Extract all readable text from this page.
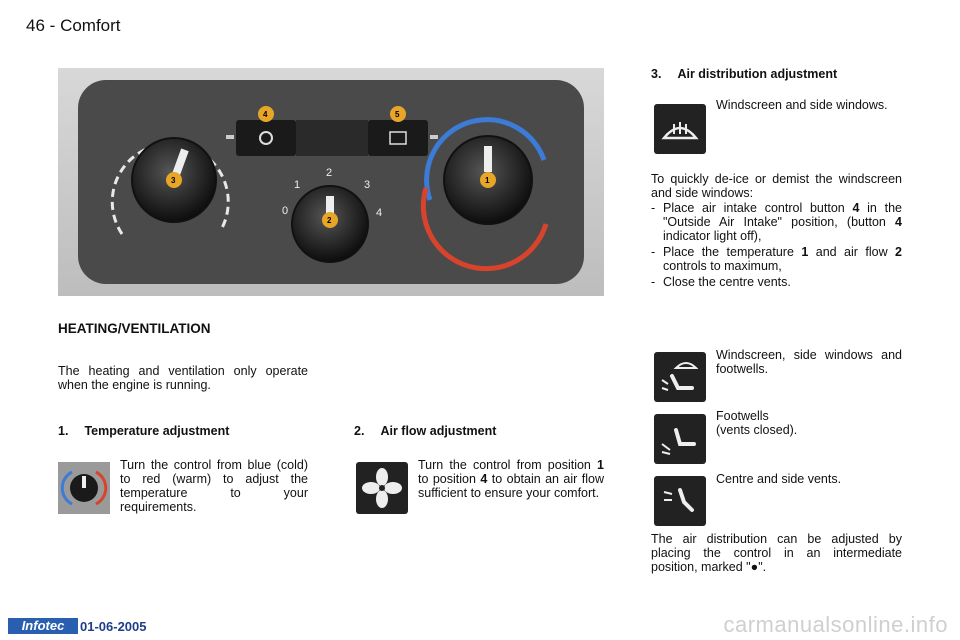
46 - Comfort
0
1
2
3
4
1
2
3
4	5
HEATING/VENTILATION
The heating and ventilation only operate when the engine is running.
1. Temperature adjustment
Turn the control from blue (cold) to red (warm) to adjust the temperature to your requirements.
2. Air flow adjustment
Turn the control from position 1 to position 4 to obtain an air flow sufficient to ensure your comfort.
3. Air distribution adjustment
Windscreen and side windows.
To quickly de-ice or demist the windscreen and side windows:
- Place air intake control button 4 in the "Outside Air Intake" position, (button 4 indicator light off),
- Place the temperature 1 and air flow 2 controls to maximum,
- Close the centre vents.
Windscreen, side windows and footwells.
Footwells
(vents closed).
Centre and side vents.
The air distribution can be adjusted by placing the control in an intermediate position, marked "●".
Infotec	01-06-2005	carmanualsonline.info
